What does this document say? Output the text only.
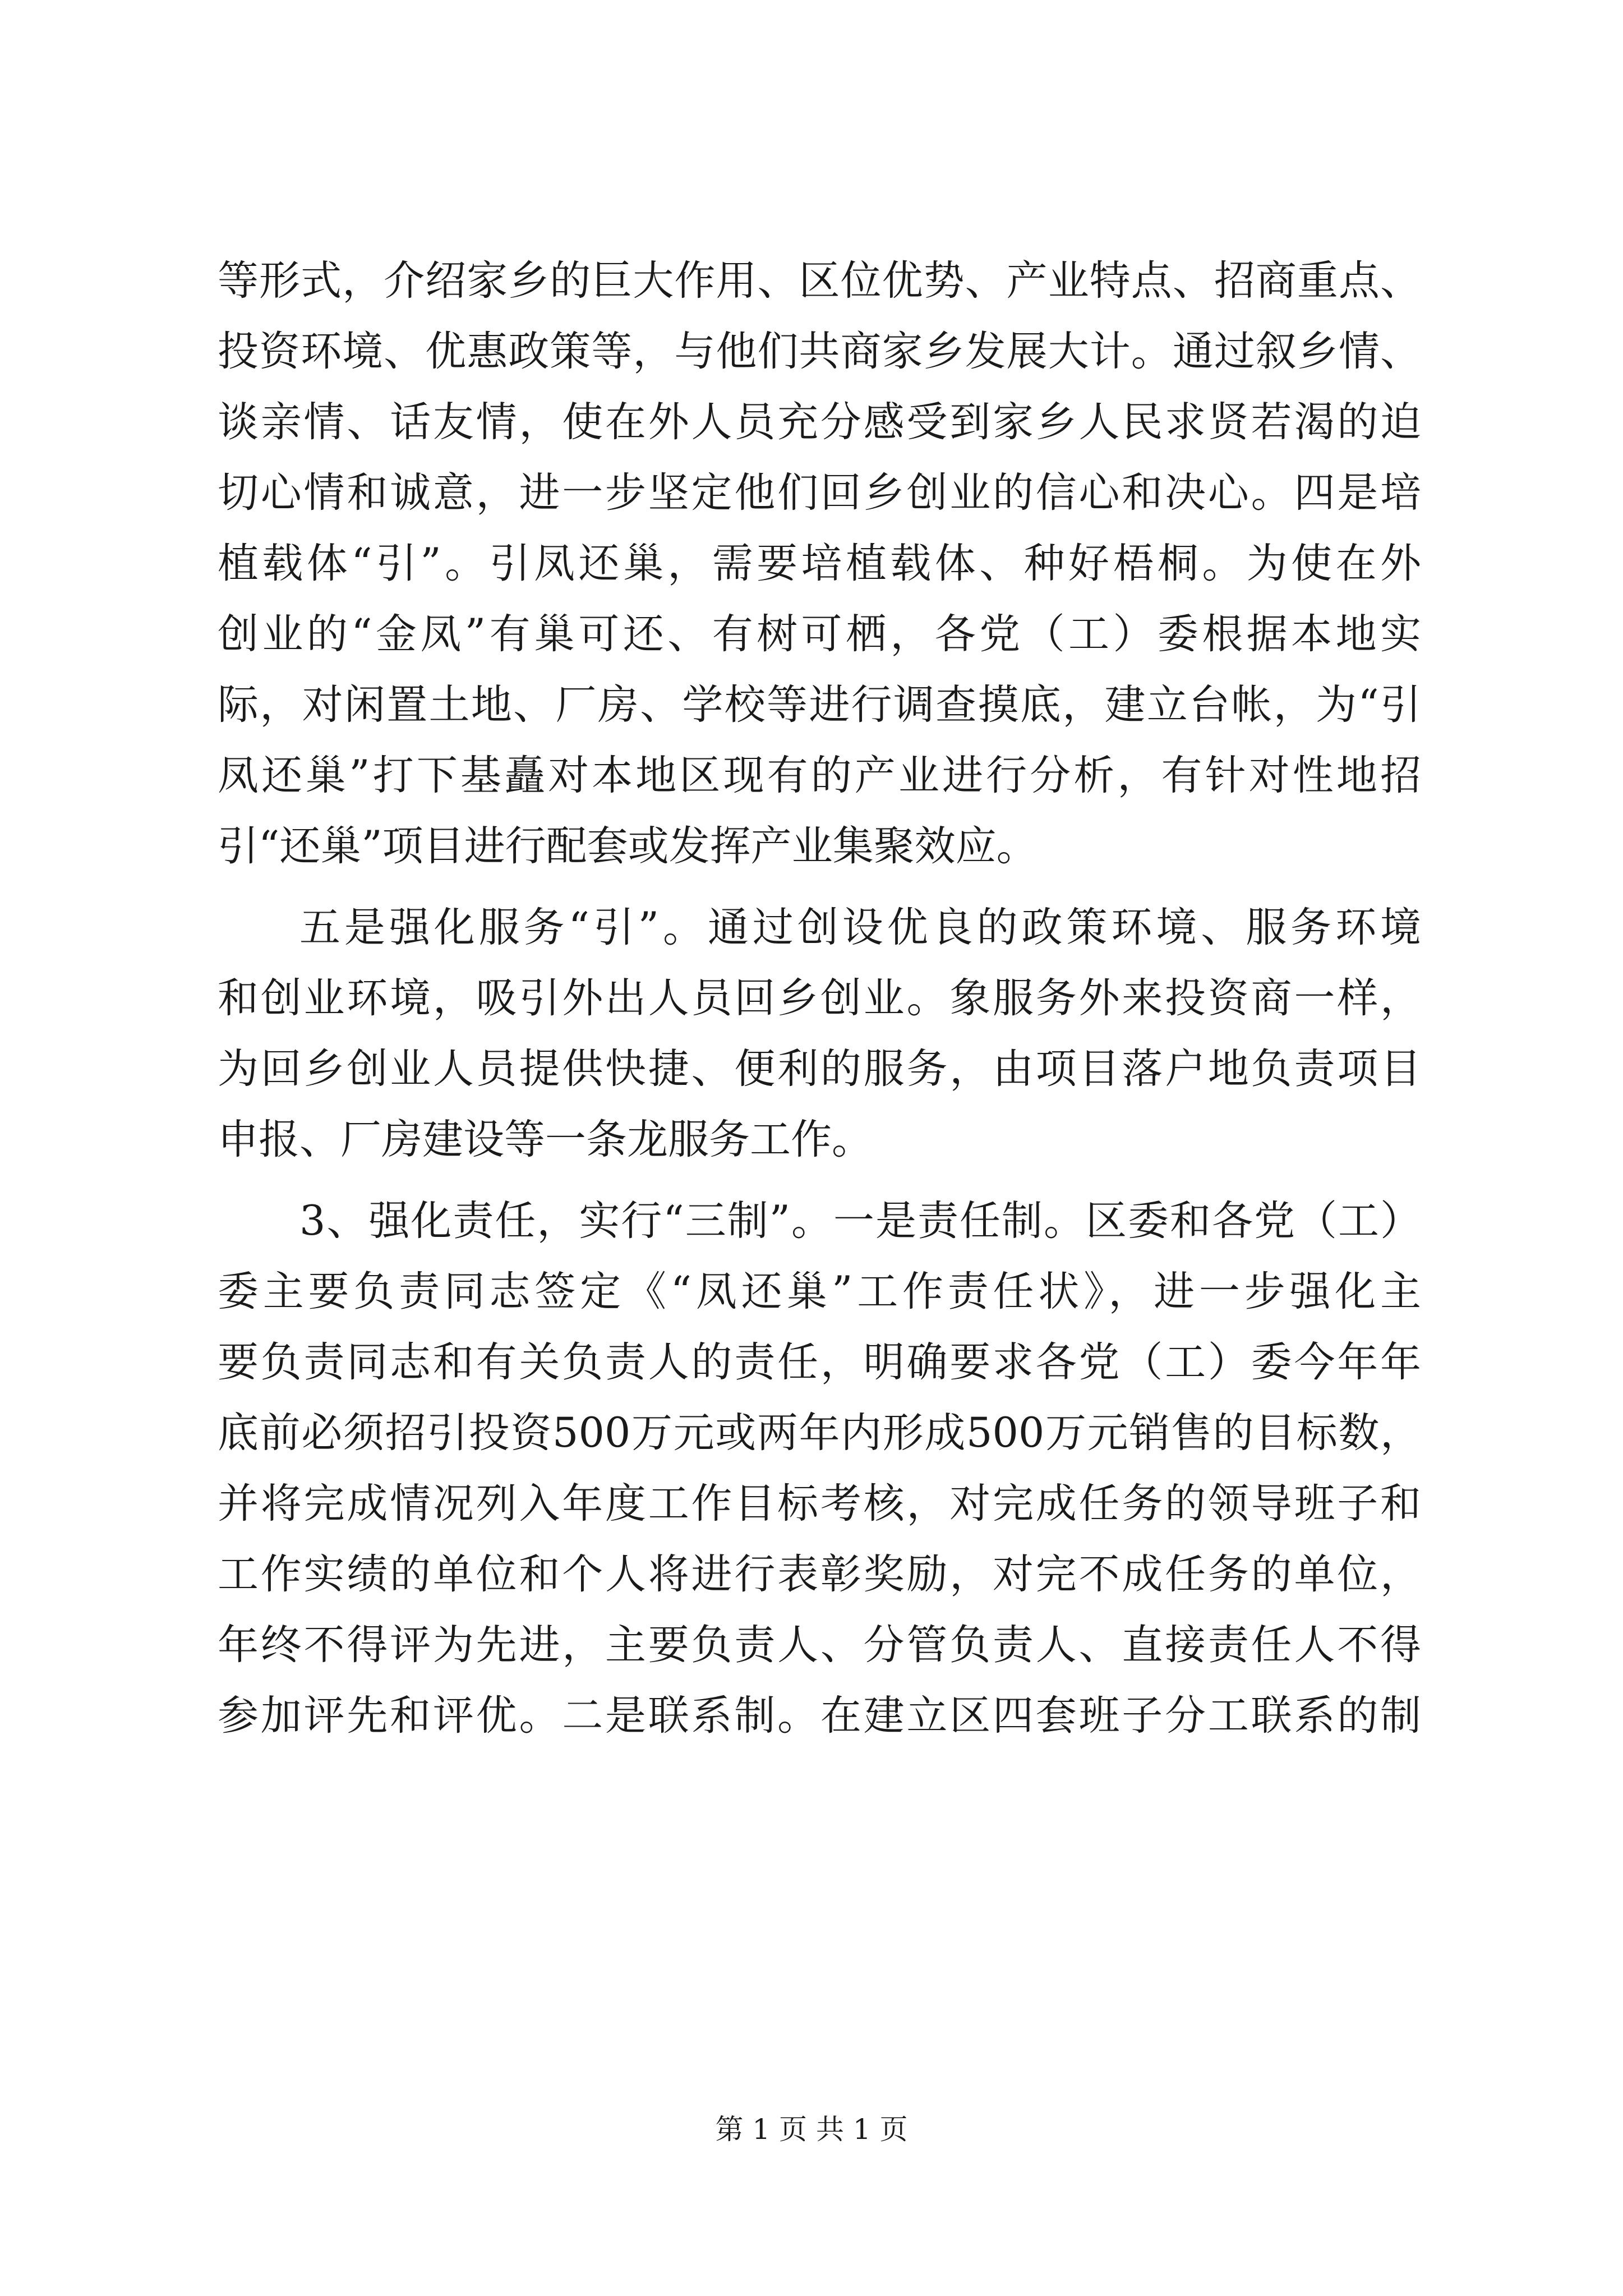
等形式，介绍家乡的巨大作用、区位优势、产业特点、招商重点、
投资环境、优惠政策等，与他们共商家乡发展大计。通过叙乡情、
谈亲情、话友情，使在外人员充分感受到家乡人民求贤若渴的迫
切心情和诚意，进一步坚定他们回乡创业的信心和决心。四是培
植载体“引”。引凤还巢，需要培植载体、种好梧桐。为使在外
创业的“金凤”有巢可还、有树可栖，各党（工）委根据本地实
际，对闲置土地、厂房、学校等进行调查摸底，建立台帐，为“引
凤还巢”打下基矗对本地区现有的产业进行分析，有针对性地招
引“还巢”项目进行配套或发挥产业集聚效应。
五是强化服务“引”。通过创设优良的政策环境、服务环境
和创业环境，吸引外出人员回乡创业。象服务外来投资商一样，
为回乡创业人员提供快捷、便利的服务，由项目落户地负责项目
申报、厂房建设等一条龙服务工作。
3、强化责任，实行“三制”。一是责任制。区委和各党（工）
委主要负责同志签定《“凤还巢”工作责任状》，进一步强化主
要负责同志和有关负责人的责任，明确要求各党（工）委今年年
底前必须招引投资500万元或两年内形成500万元销售的目标数，
并将完成情况列入年度工作目标考核，对完成任务的领导班子和
工作实绩的单位和个人将进行表彰奖励，对完不成任务的单位，
年终不得评为先进，主要负责人、分管负责人、直接责任人不得
参加评先和评优。二是联系制。在建立区四套班子分工联系的制
第 1 页 共 1 页
